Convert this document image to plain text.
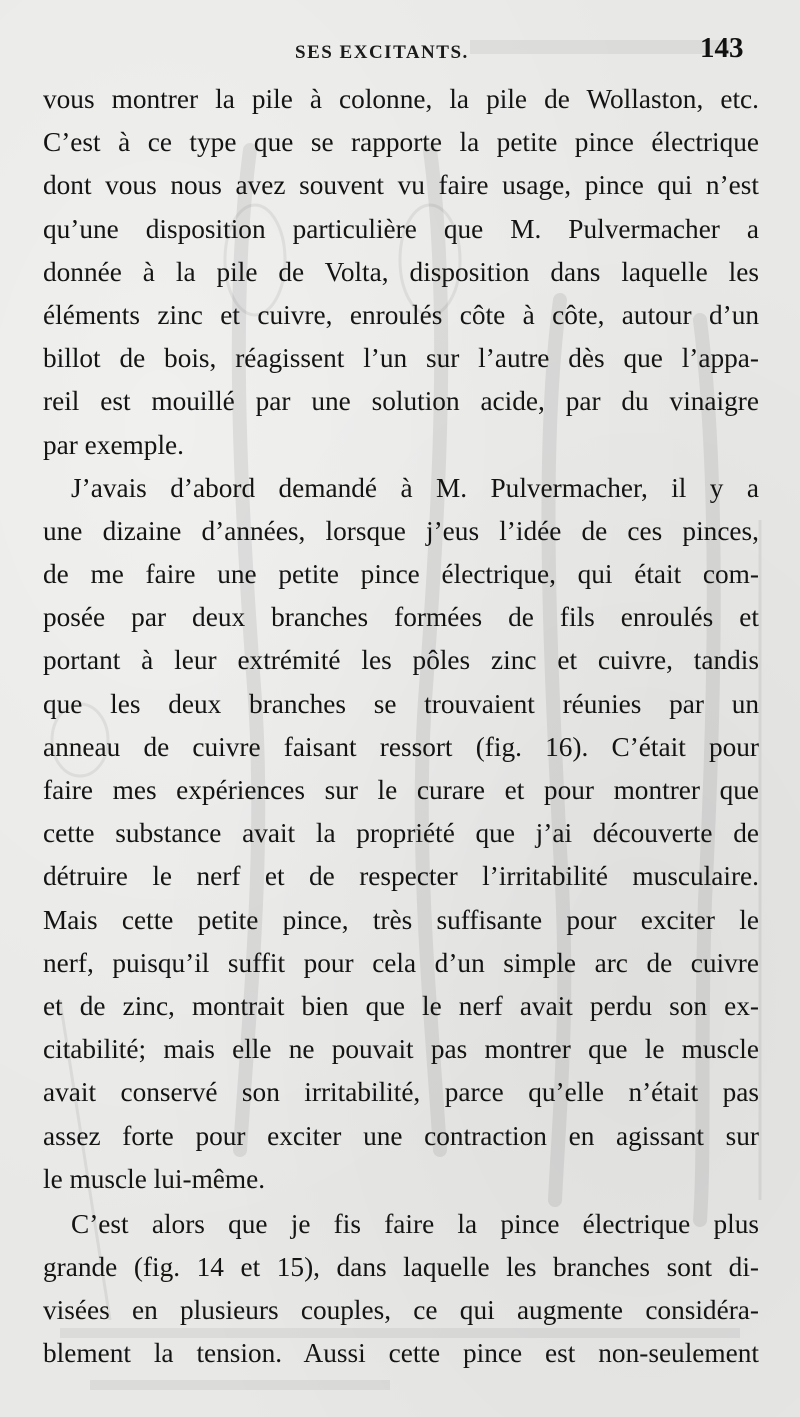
SES EXCITANTS.	143
vous montrer la pile à colonne, la pile de Wollaston, etc.
C’est à ce type que se rapporte la petite pince électrique
dont vous nous avez souvent vu faire usage, pince qui n’est
qu’une disposition particulière que M. Pulvermacher a
donnée à la pile de Volta, disposition dans laquelle les
éléments zinc et cuivre, enroulés côte à côte, autour d’un
billot de bois, réagissent l’un sur l’autre dès que l’appa-
reil est mouillé par une solution acide, par du vinaigre
par exemple.
J’avais d’abord demandé à M. Pulvermacher, il y a
une dizaine d’années, lorsque j’eus l’idée de ces pinces,
de me faire une petite pince électrique, qui était com-
posée par deux branches formées de fils enroulés et
portant à leur extrémité les pôles zinc et cuivre, tandis
que les deux branches se trouvaient réunies par un
anneau de cuivre faisant ressort (fig. 16). C’était pour
faire mes expériences sur le curare et pour montrer que
cette substance avait la propriété que j’ai découverte de
détruire le nerf et de respecter l’irritabilité musculaire.
Mais cette petite pince, très suffisante pour exciter le
nerf, puisqu’il suffit pour cela d’un simple arc de cuivre
et de zinc, montrait bien que le nerf avait perdu son ex-
citabilité; mais elle ne pouvait pas montrer que le muscle
avait conservé son irritabilité, parce qu’elle n’était pas
assez forte pour exciter une contraction en agissant sur
le muscle lui-même.
C’est alors que je fis faire la pince électrique plus
grande (fig. 14 et 15), dans laquelle les branches sont di-
visées en plusieurs couples, ce qui augmente considéra-
blement la tension. Aussi cette pince est non-seulement
